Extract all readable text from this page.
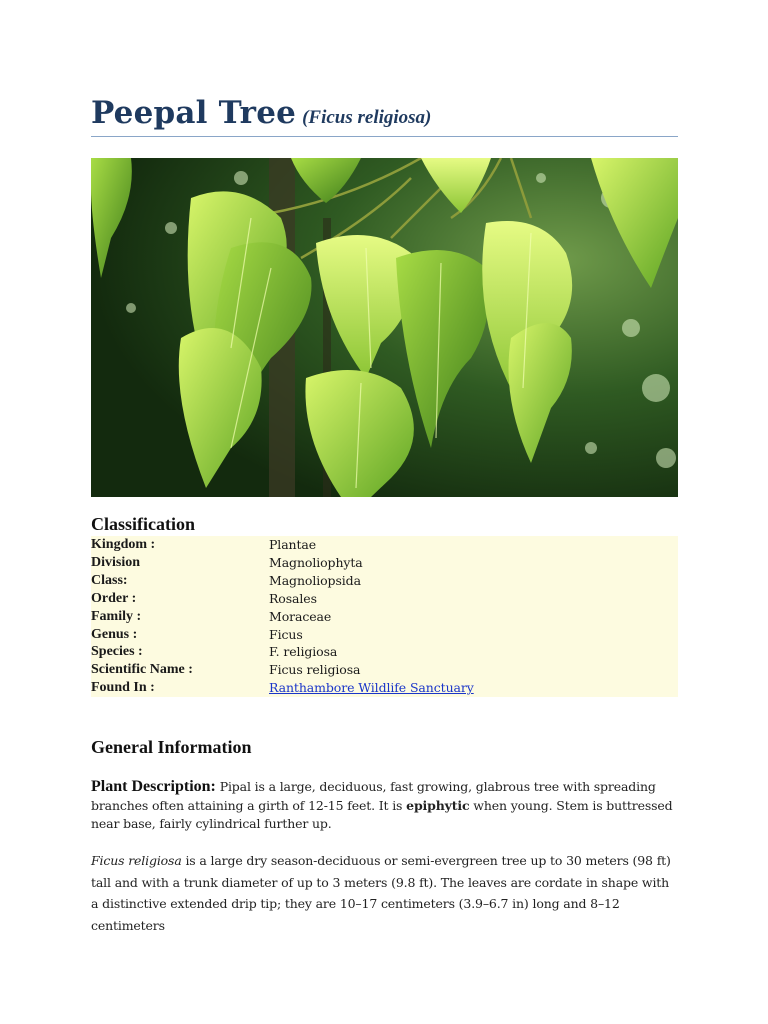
Peepal Tree (Ficus religiosa)
Classification
Kingdom :	Plantae
Division	Magnoliophyta
Class:	Magnoliopsida
Order :	Rosales
Family :	Moraceae
Genus :	Ficus
Species :	F. religiosa
Scientific Name :	Ficus religiosa
Found In :	Ranthambore Wildlife Sanctuary
General Information
Plant Description: Pipal is a large, deciduous, fast growing, glabrous tree with spreading branches often attaining a girth of 12-15 feet. It is epiphytic when young. Stem is buttressed near base, fairly cylindrical further up.
Ficus religiosa is a large dry season-deciduous or semi-evergreen tree up to 30 meters (98 ft) tall and with a trunk diameter of up to 3 meters (9.8 ft). The leaves are cordate in shape with a distinctive extended drip tip; they are 10–17 centimeters (3.9–6.7 in) long and 8–12 centimeters
